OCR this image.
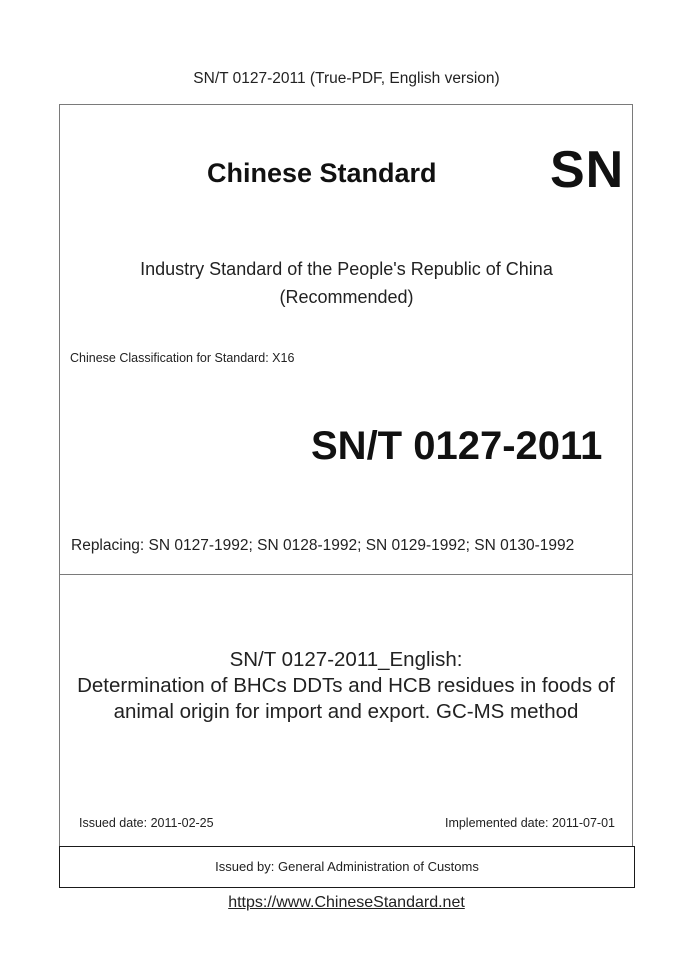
SN/T 0127-2011 (True-PDF, English version)
Chinese Standard SN
Industry Standard of the People's Republic of China
(Recommended)
Chinese Classification for Standard: X16
SN/T 0127-2011
Replacing: SN 0127-1992; SN 0128-1992; SN 0129-1992; SN 0130-1992
SN/T 0127-2011_English:
Determination of BHCs DDTs and HCB residues in foods of
animal origin for import and export. GC-MS method
Issued date: 2011-02-25	Implemented date: 2011-07-01
Issued by: General Administration of Customs
https://www.ChineseStandard.net
